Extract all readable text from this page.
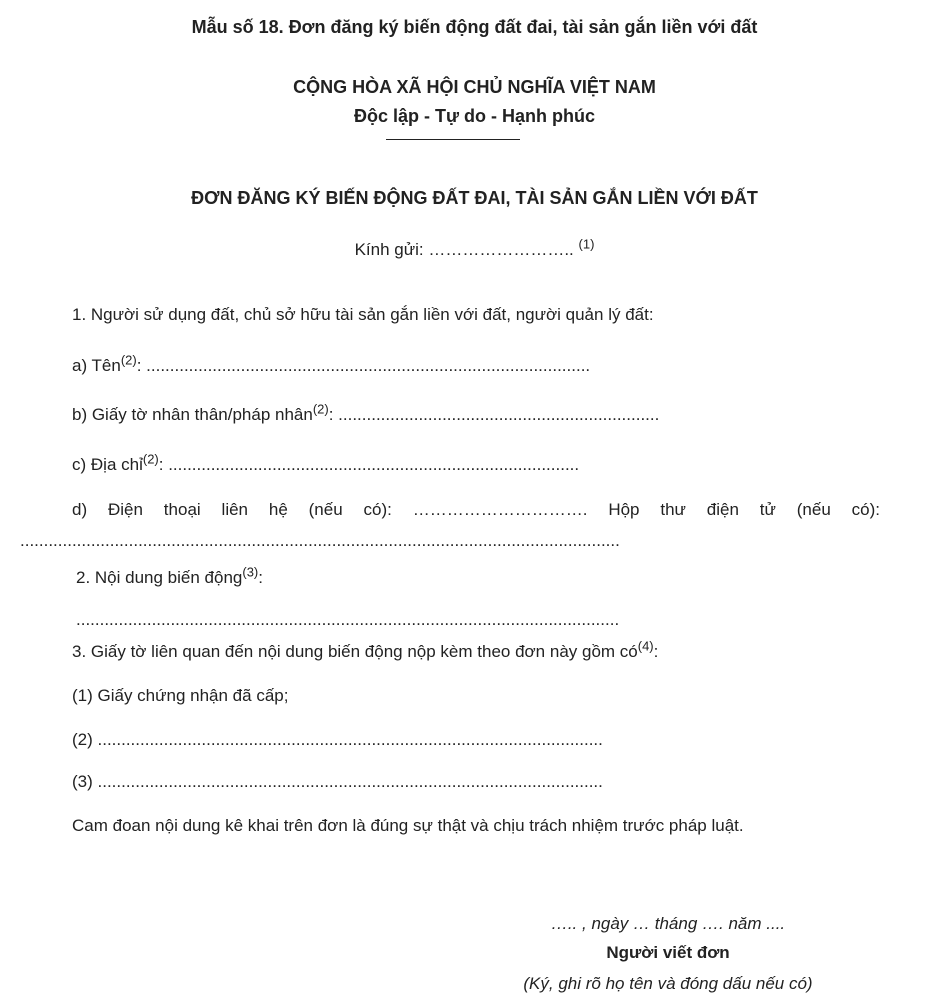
Mẫu số 18. Đơn đăng ký biến động đất đai, tài sản gắn liền với đất
CỘNG HÒA XÃ HỘI CHỦ NGHĨA VIỆT NAM
Độc lập - Tự do - Hạnh phúc
ĐƠN ĐĂNG KÝ BIẾN ĐỘNG ĐẤT ĐAI, TÀI SẢN GẮN LIỀN VỚI ĐẤT
Kính gửi: …………………….. $^{(1)}$
1. Người sử dụng đất, chủ sở hữu tài sản gắn liền với đất, người quản lý đất:
a) Tên$^{(2)}$: ..............................................................................................
b) Giấy tờ nhân thân/pháp nhân$^{(2)}$: ....................................................................
c) Địa chỉ$^{(2)}$: .......................................................................................
d) Điện thoại liên hệ (nếu có): …………………………. Hộp thư điện tử (nếu có):
...............................................................................................................................
2. Nội dung biến động$^{(3)}$:
...................................................................................................................
3. Giấy tờ liên quan đến nội dung biến động nộp kèm theo đơn này gồm $có^{(4)}$:
(1) Giấy chứng nhận đã cấp;
(2) ...........................................................................................................
(3) ...........................................................................................................
Cam đoan nội dung kê khai trên đơn là đúng sự thật và chịu trách nhiệm trước pháp luật.
….. , ngày … tháng …. năm ....
Người viết đơn
(Ký, ghi rõ họ tên và đóng dấu nếu có)
